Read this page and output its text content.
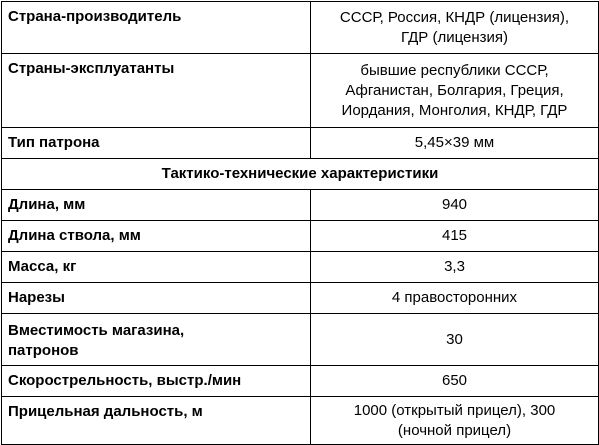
Страна-производитель	СССР, Россия, КНДР (лицензия),
ГДР (лицензия)

Страны-эксплуатанты	бывшие республики СССР,
Афганистан, Болгария, Греция,
Иордания, Монголия, КНДР, ГДР

Тип патрона	5,45×39 мм

Тактико-технические характеристики	
Длина, мм	940

Длина ствола, мм	415

Масса, кг	3,3

Нарезы	4 правосторонних

Вместимость магазина,
патронов	30

Скорострельность, выстр./мин	650

Прицельная дальность, м	1000 (открытый прицел), 300
(ночной прицел)
